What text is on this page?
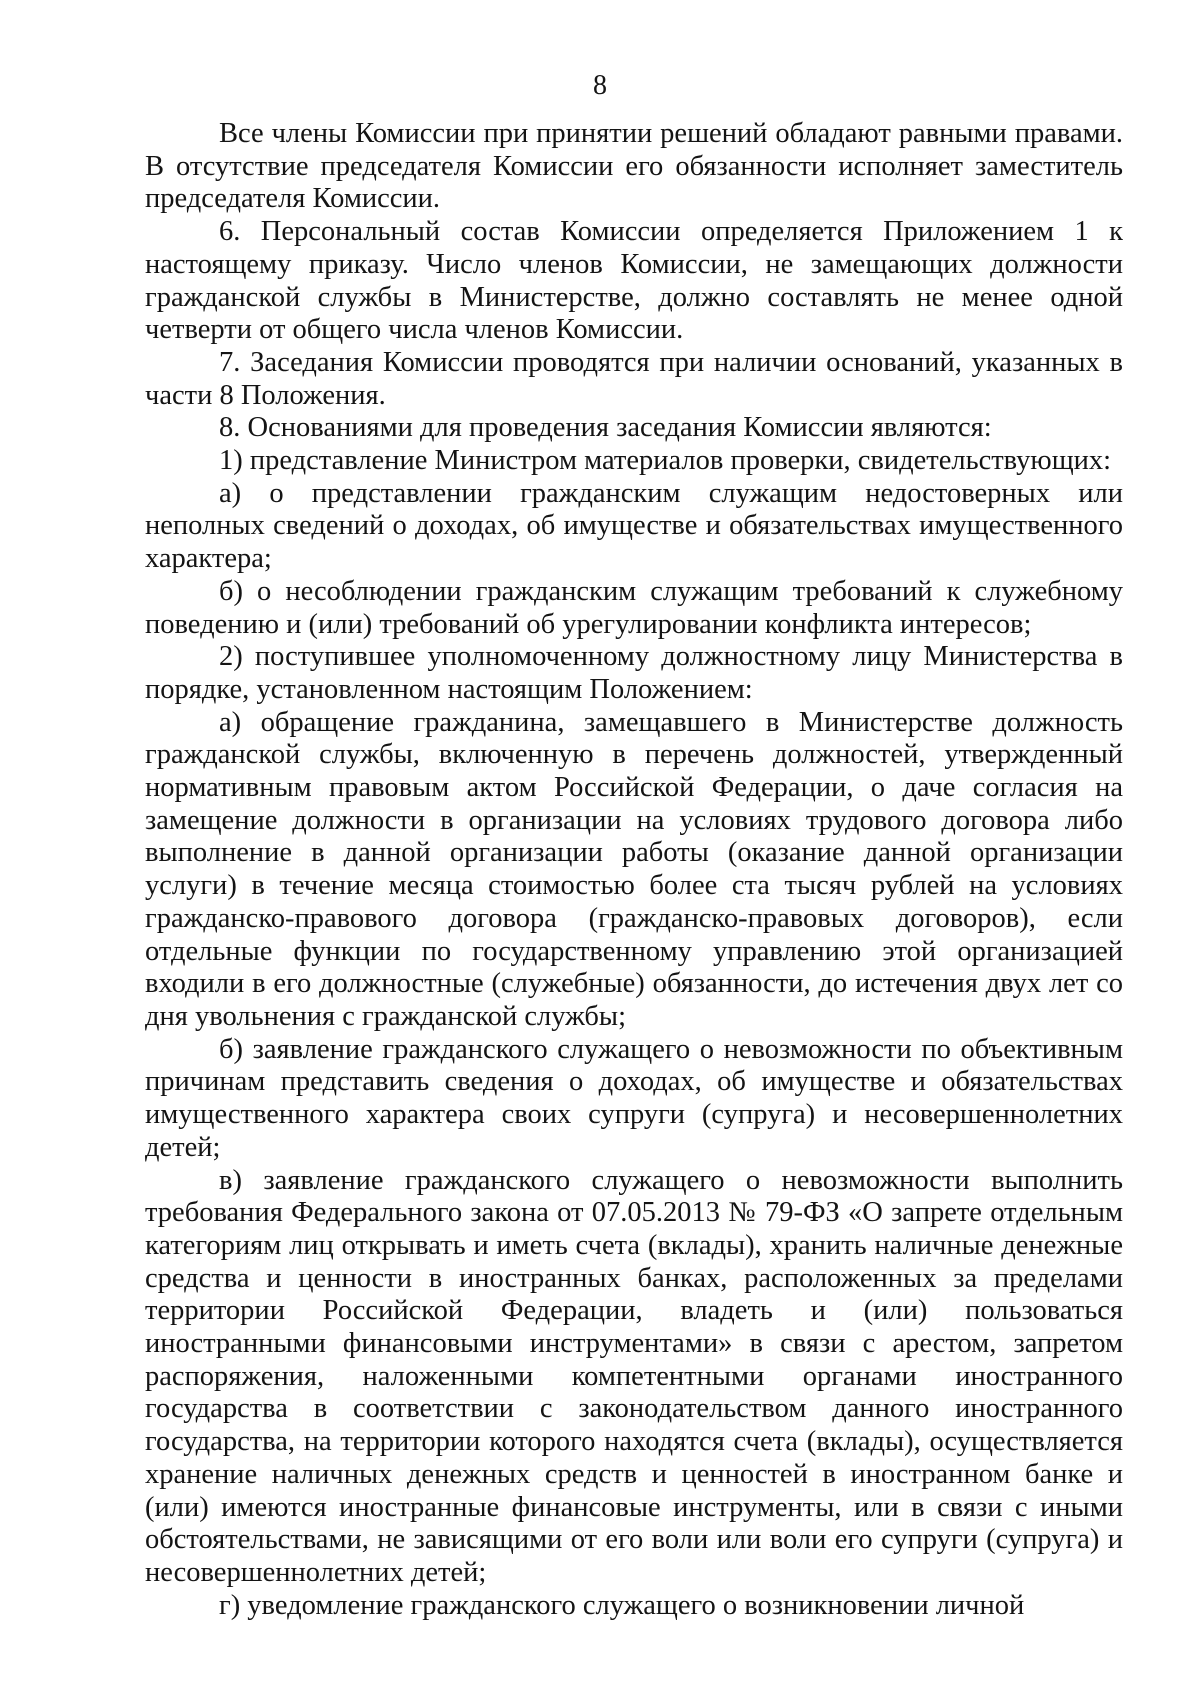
8

Все члены Комиссии при принятии решений обладают равными правами. В отсутствие председателя Комиссии его обязанности исполняет заместитель председателя Комиссии.

6. Персональный состав Комиссии определяется Приложением 1 к настоящему приказу. Число членов Комиссии, не замещающих должности гражданской службы в Министерстве, должно составлять не менее одной четверти от общего числа членов Комиссии.

7. Заседания Комиссии проводятся при наличии оснований, указанных в части 8 Положения.

8. Основаниями для проведения заседания Комиссии являются:

1) представление Министром материалов проверки, свидетельствующих:

а) о представлении гражданским служащим недостоверных или неполных сведений о доходах, об имуществе и обязательствах имущественного характера;

б) о несоблюдении гражданским служащим требований к служебному поведению и (или) требований об урегулировании конфликта интересов;

2) поступившее уполномоченному должностному лицу Министерства в порядке, установленном настоящим Положением:

а) обращение гражданина, замещавшего в Министерстве должность гражданской службы, включенную в перечень должностей, утвержденный нормативным правовым актом Российской Федерации, о даче согласия на замещение должности в организации на условиях трудового договора либо выполнение в данной организации работы (оказание данной организации услуги) в течение месяца стоимостью более ста тысяч рублей на условиях гражданско-правового договора (гражданско-правовых договоров), если отдельные функции по государственному управлению этой организацией входили в его должностные (служебные) обязанности, до истечения двух лет со дня увольнения с гражданской службы;

б) заявление гражданского служащего о невозможности по объективным причинам представить сведения о доходах, об имуществе и обязательствах имущественного характера своих супруги (супруга) и несовершеннолетних детей;

в) заявление гражданского служащего о невозможности выполнить требования Федерального закона от 07.05.2013 № 79-ФЗ «О запрете отдельным категориям лиц открывать и иметь счета (вклады), хранить наличные денежные средства и ценности в иностранных банках, расположенных за пределами территории Российской Федерации, владеть и (или) пользоваться иностранными финансовыми инструментами» в связи с арестом, запретом распоряжения, наложенными компетентными органами иностранного государства в соответствии с законодательством данного иностранного государства, на территории которого находятся счета (вклады), осуществляется хранение наличных денежных средств и ценностей в иностранном банке и (или) имеются иностранные финансовые инструменты, или в связи с иными обстоятельствами, не зависящими от его воли или воли его супруги (супруга) и несовершеннолетних детей;

г) уведомление гражданского служащего о возникновении личной
